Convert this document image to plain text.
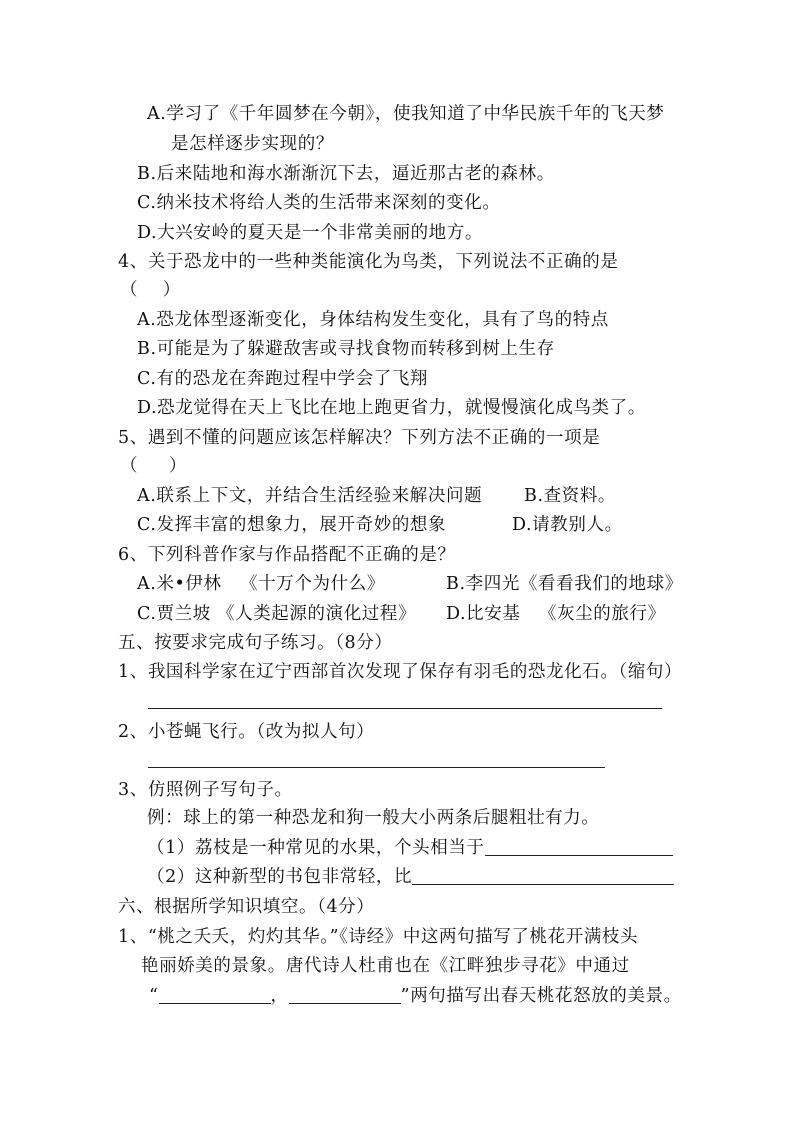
A.学习了《千年圆梦在今朝》，使我知道了中华民族千年的飞天梦

是怎样逐步实现的？

B.后来陆地和海水渐渐沉下去，逼近那古老的森林。

C.纳米技术将给人类的生活带来深刻的变化。

D.大兴安岭的夏天是一个非常美丽的地方。

4、关于恐龙中的一些种类能演化为鸟类，下列说法不正确的是

（    ）

A.恐龙体型逐渐变化，身体结构发生变化，具有了鸟的特点

B.可能是为了躲避敌害或寻找食物而转移到树上生存

C.有的恐龙在奔跑过程中学会了飞翔

D.恐龙觉得在天上飞比在地上跑更省力，就慢慢演化成鸟类了。

5、遇到不懂的问题应该怎样解决？下列方法不正确的一项是

（     ）

A.联系上下文，并结合生活经验来解决问题 B.查资料。

C.发挥丰富的想象力，展开奇妙的想象	D.请教别人。

6、下列科普作家与作品搭配不正确的是？

A.米•伊林   《十万个为什么》	B.李四光《看看我们的地球》

C.贾兰坡 《人类起源的演化过程》 D.比安基   《灰尘的旅行》

五、按要求完成句子练习。（8分）

1、我国科学家在辽宁西部首次发现了保存有羽毛的恐龙化石。（缩句）

2、小苍蝇飞行。（改为拟人句）

3、仿照例子写句子。

例：球上的第一种恐龙和狗一般大小两条后腿粗壮有力。

（1）荔枝是一种常见的水果，个头相当于

（2）这种新型的书包非常轻，比

六、根据所学知识填空。（4分）

1、“桃之夭夭，灼灼其华。”《诗经》中这两句描写了桃花开满枝头

艳丽娇美的景象。唐代诗人杜甫也在《江畔独步寻花》中通过

“	，	”两句描写出春天桃花怒放的美景。
